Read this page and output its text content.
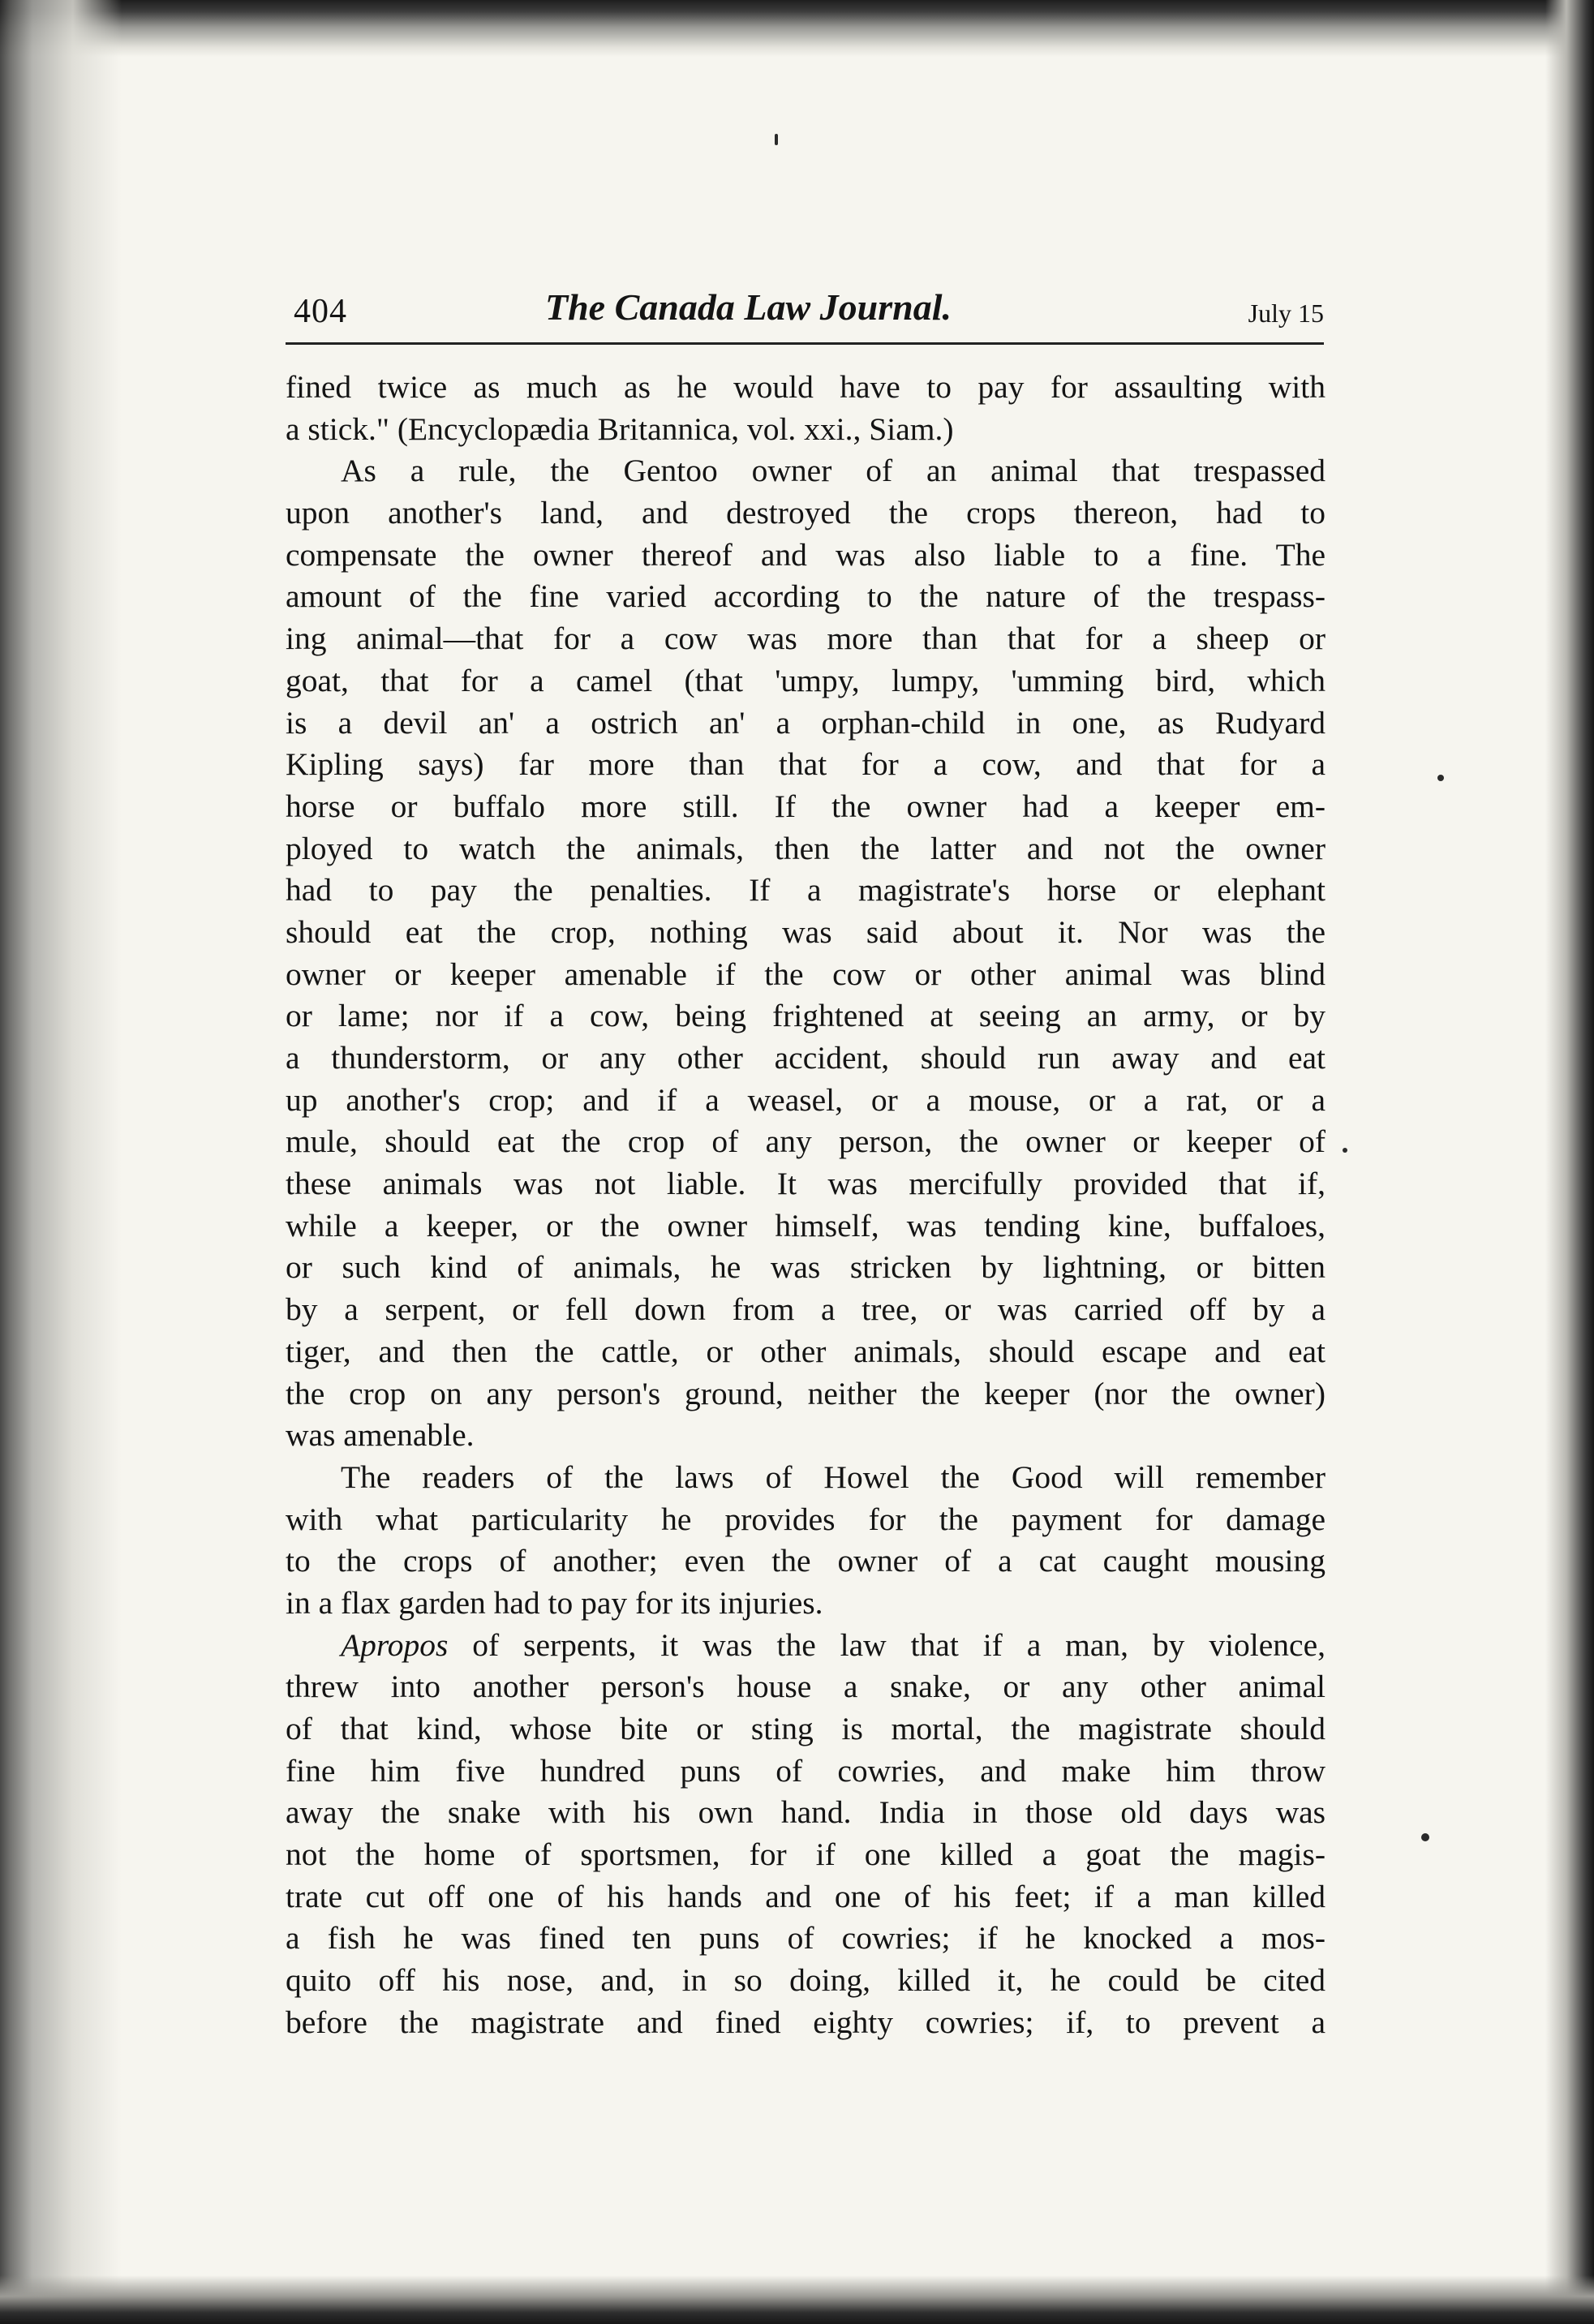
404	The Canada Law Journal.	July 15
fined twice as much as he would have to pay for assaulting with
a stick." (Encyclopædia Britannica, vol. xxi., Siam.)
As a rule, the Gentoo owner of an animal that trespassed
upon another's land, and destroyed the crops thereon, had to
compensate the owner thereof and was also liable to a fine. The
amount of the fine varied according to the nature of the trespass-
ing animal—that for a cow was more than that for a sheep or
goat, that for a camel (that 'umpy, lumpy, 'umming bird, which
is a devil an' a ostrich an' a orphan-child in one, as Rudyard
Kipling says) far more than that for a cow, and that for a
horse or buffalo more still. If the owner had a keeper em-
ployed to watch the animals, then the latter and not the owner
had to pay the penalties. If a magistrate's horse or elephant
should eat the crop, nothing was said about it. Nor was the
owner or keeper amenable if the cow or other animal was blind
or lame; nor if a cow, being frightened at seeing an army, or by
a thunderstorm, or any other accident, should run away and eat
up another's crop; and if a weasel, or a mouse, or a rat, or a
mule, should eat the crop of any person, the owner or keeper of
these animals was not liable. It was mercifully provided that if,
while a keeper, or the owner himself, was tending kine, buffaloes,
or such kind of animals, he was stricken by lightning, or bitten
by a serpent, or fell down from a tree, or was carried off by a
tiger, and then the cattle, or other animals, should escape and eat
the crop on any person's ground, neither the keeper (nor the owner)
was amenable.
The readers of the laws of Howel the Good will remember
with what particularity he provides for the payment for damage
to the crops of another; even the owner of a cat caught mousing
in a flax garden had to pay for its injuries.
Apropos of serpents, it was the law that if a man, by violence,
threw into another person's house a snake, or any other animal
of that kind, whose bite or sting is mortal, the magistrate should
fine him five hundred puns of cowries, and make him throw
away the snake with his own hand. India in those old days was
not the home of sportsmen, for if one killed a goat the magis-
trate cut off one of his hands and one of his feet; if a man killed
a fish he was fined ten puns of cowries; if he knocked a mos-
quito off his nose, and, in so doing, killed it, he could be cited
before the magistrate and fined eighty cowries; if, to prevent a
